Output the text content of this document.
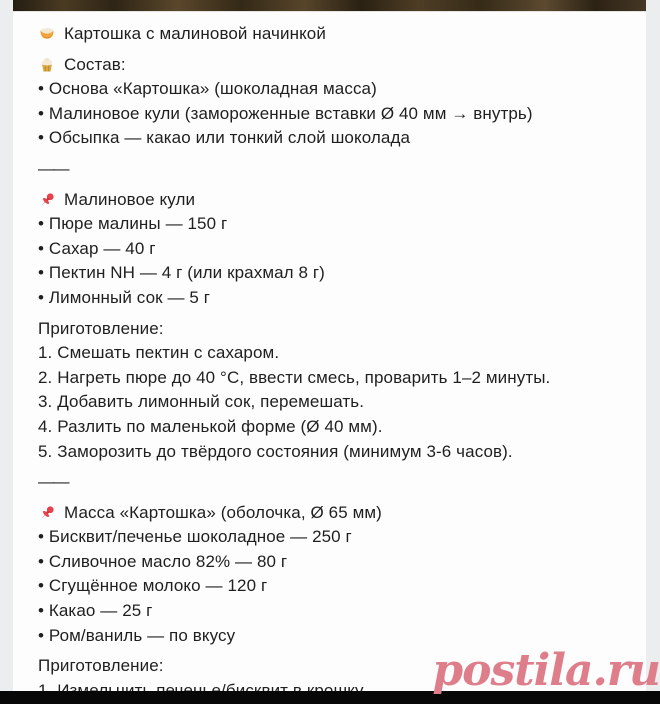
Картошка с малиновой начинкой
Состав:
• Основа «Картошка» (шоколадная масса)
• Малиновое кули (замороженные вставки Ø 40 мм → внутрь)
• Обсыпка — какао или тонкий слой шоколада
——
Малиновое кули
• Пюре малины — 150 г
• Сахар — 40 г
• Пектин NH — 4 г (или крахмал 8 г)
• Лимонный сок — 5 г
Приготовление:
1. Смешать пектин с сахаром.
2. Нагреть пюре до 40 °C, ввести смесь, проварить 1–2 минуты.
3. Добавить лимонный сок, перемешать.
4. Разлить по маленькой форме (Ø 40 мм).
5. Заморозить до твёрдого состояния (минимум 3-6 часов).
——
Масса «Картошка» (оболочка, Ø 65 мм)
• Бисквит/печенье шоколадное — 250 г
• Сливочное масло 82% — 80 г
• Сгущённое молоко — 120 г
• Какао — 25 г
• Ром/ваниль — по вкусу
Приготовление:	postila.ru
